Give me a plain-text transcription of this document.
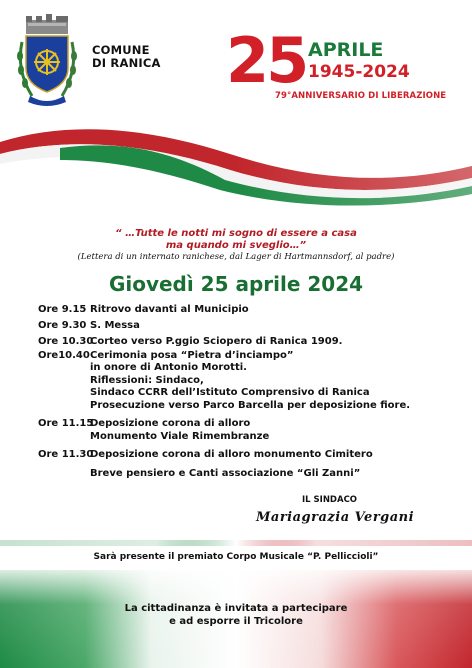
COMUNE
DI RANICA 25 APRILE
1945-2024
79°ANNIVERSARIO DI LIBERAZIONE
“ …Tutte le notti mi sogno di essere a casa
ma quando mi sveglio…”
(Lettera di un internato ranichese, dal Lager di Hartmannsdorf, al padre)
Giovedì 25 aprile 2024
Ore 9.15 Ritrovo davanti al Municipio
Ore 9.30 S. Messa
Ore 10.30
Corteo verso P.ggio Sciopero di Ranica 1909.
Ore10.40 Cerimonia posa “Pietra d’inciampo”
in onore di Antonio Morotti.
Riflessioni: Sindaco,
Sindaco CCRR dell’Istituto Comprensivo di Ranica
Prosecuzione verso Parco Barcella per deposizione fiore.
Ore 11.15
Deposizione corona di alloro
Monumento Viale Rimembranze
Ore 11.30
Deposizione corona di alloro monumento Cimitero
Breve pensiero e Canti associazione “Gli Zanni”
IL SINDACO
Mariagrazia Vergani
Sarà presente il premiato Corpo Musicale “P. Pelliccioli”
La cittadinanza è invitata a partecipare
e ad esporre il Tricolore
